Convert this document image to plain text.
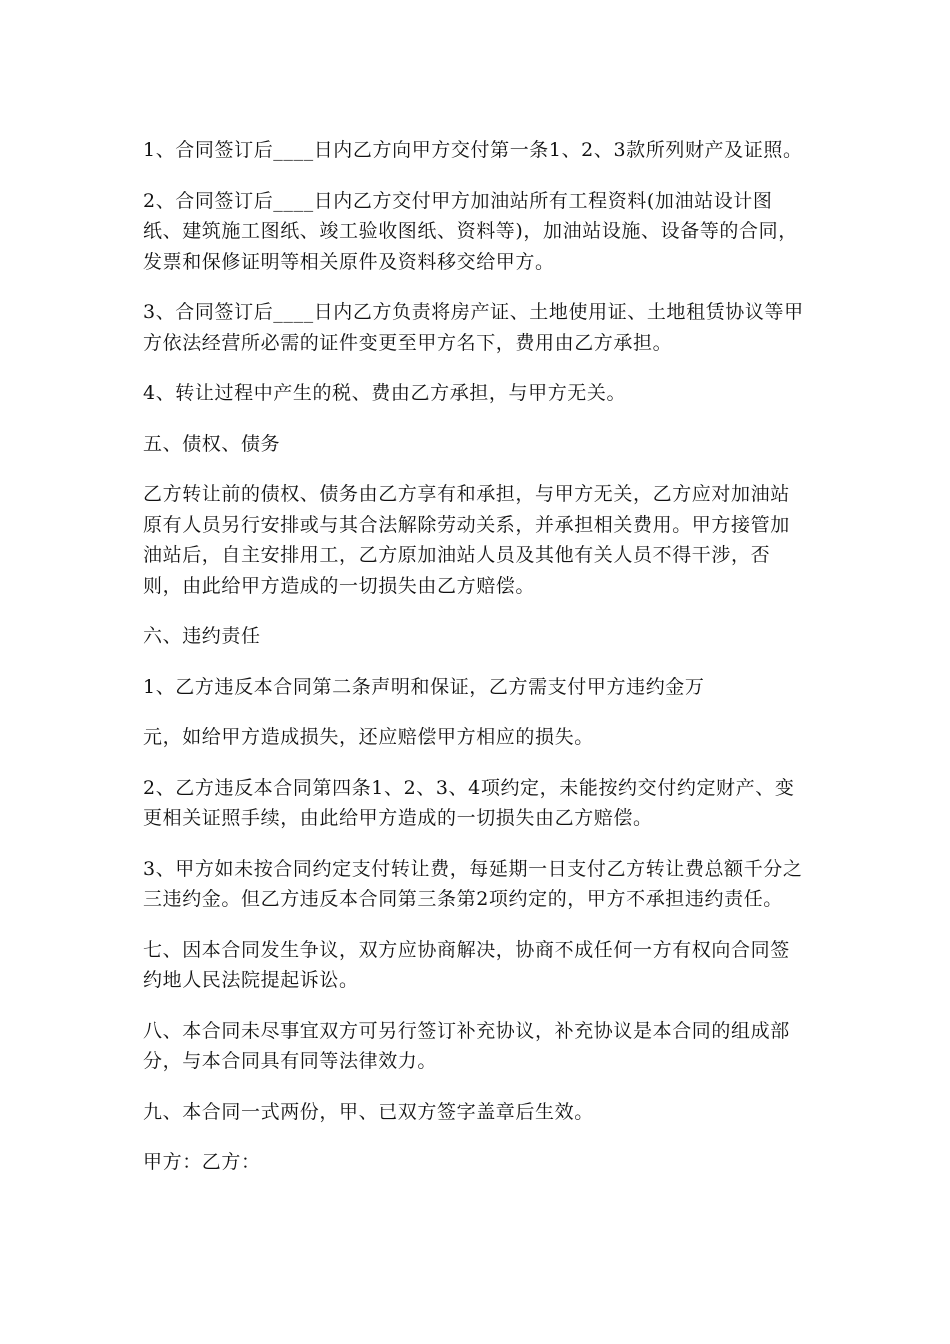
1、合同签订后____日内乙方向甲方交付第一条1、2、3款所列财产及证照。

2、合同签订后____日内乙方交付甲方加油站所有工程资料(加油站设计图纸、建筑施工图纸、竣工验收图纸、资料等)，加油站设施、设备等的合同，发票和保修证明等相关原件及资料移交给甲方。

3、合同签订后____日内乙方负责将房产证、土地使用证、土地租赁协议等甲方依法经营所必需的证件变更至甲方名下，费用由乙方承担。

4、转让过程中产生的税、费由乙方承担，与甲方无关。

五、债权、债务

乙方转让前的债权、债务由乙方享有和承担，与甲方无关，乙方应对加油站原有人员另行安排或与其合法解除劳动关系，并承担相关费用。甲方接管加油站后，自主安排用工，乙方原加油站人员及其他有关人员不得干涉，否则，由此给甲方造成的一切损失由乙方赔偿。

六、违约责任

1、乙方违反本合同第二条声明和保证，乙方需支付甲方违约金万

元，如给甲方造成损失，还应赔偿甲方相应的损失。

2、乙方违反本合同第四条1、2、3、4项约定，未能按约交付约定财产、变更相关证照手续，由此给甲方造成的一切损失由乙方赔偿。

3、甲方如未按合同约定支付转让费，每延期一日支付乙方转让费总额千分之三违约金。但乙方违反本合同第三条第2项约定的，甲方不承担违约责任。

七、因本合同发生争议，双方应协商解决，协商不成任何一方有权向合同签约地人民法院提起诉讼。

八、本合同未尽事宜双方可另行签订补充协议，补充协议是本合同的组成部分，与本合同具有同等法律效力。

九、本合同一式两份，甲、已双方签字盖章后生效。

甲方：乙方：
